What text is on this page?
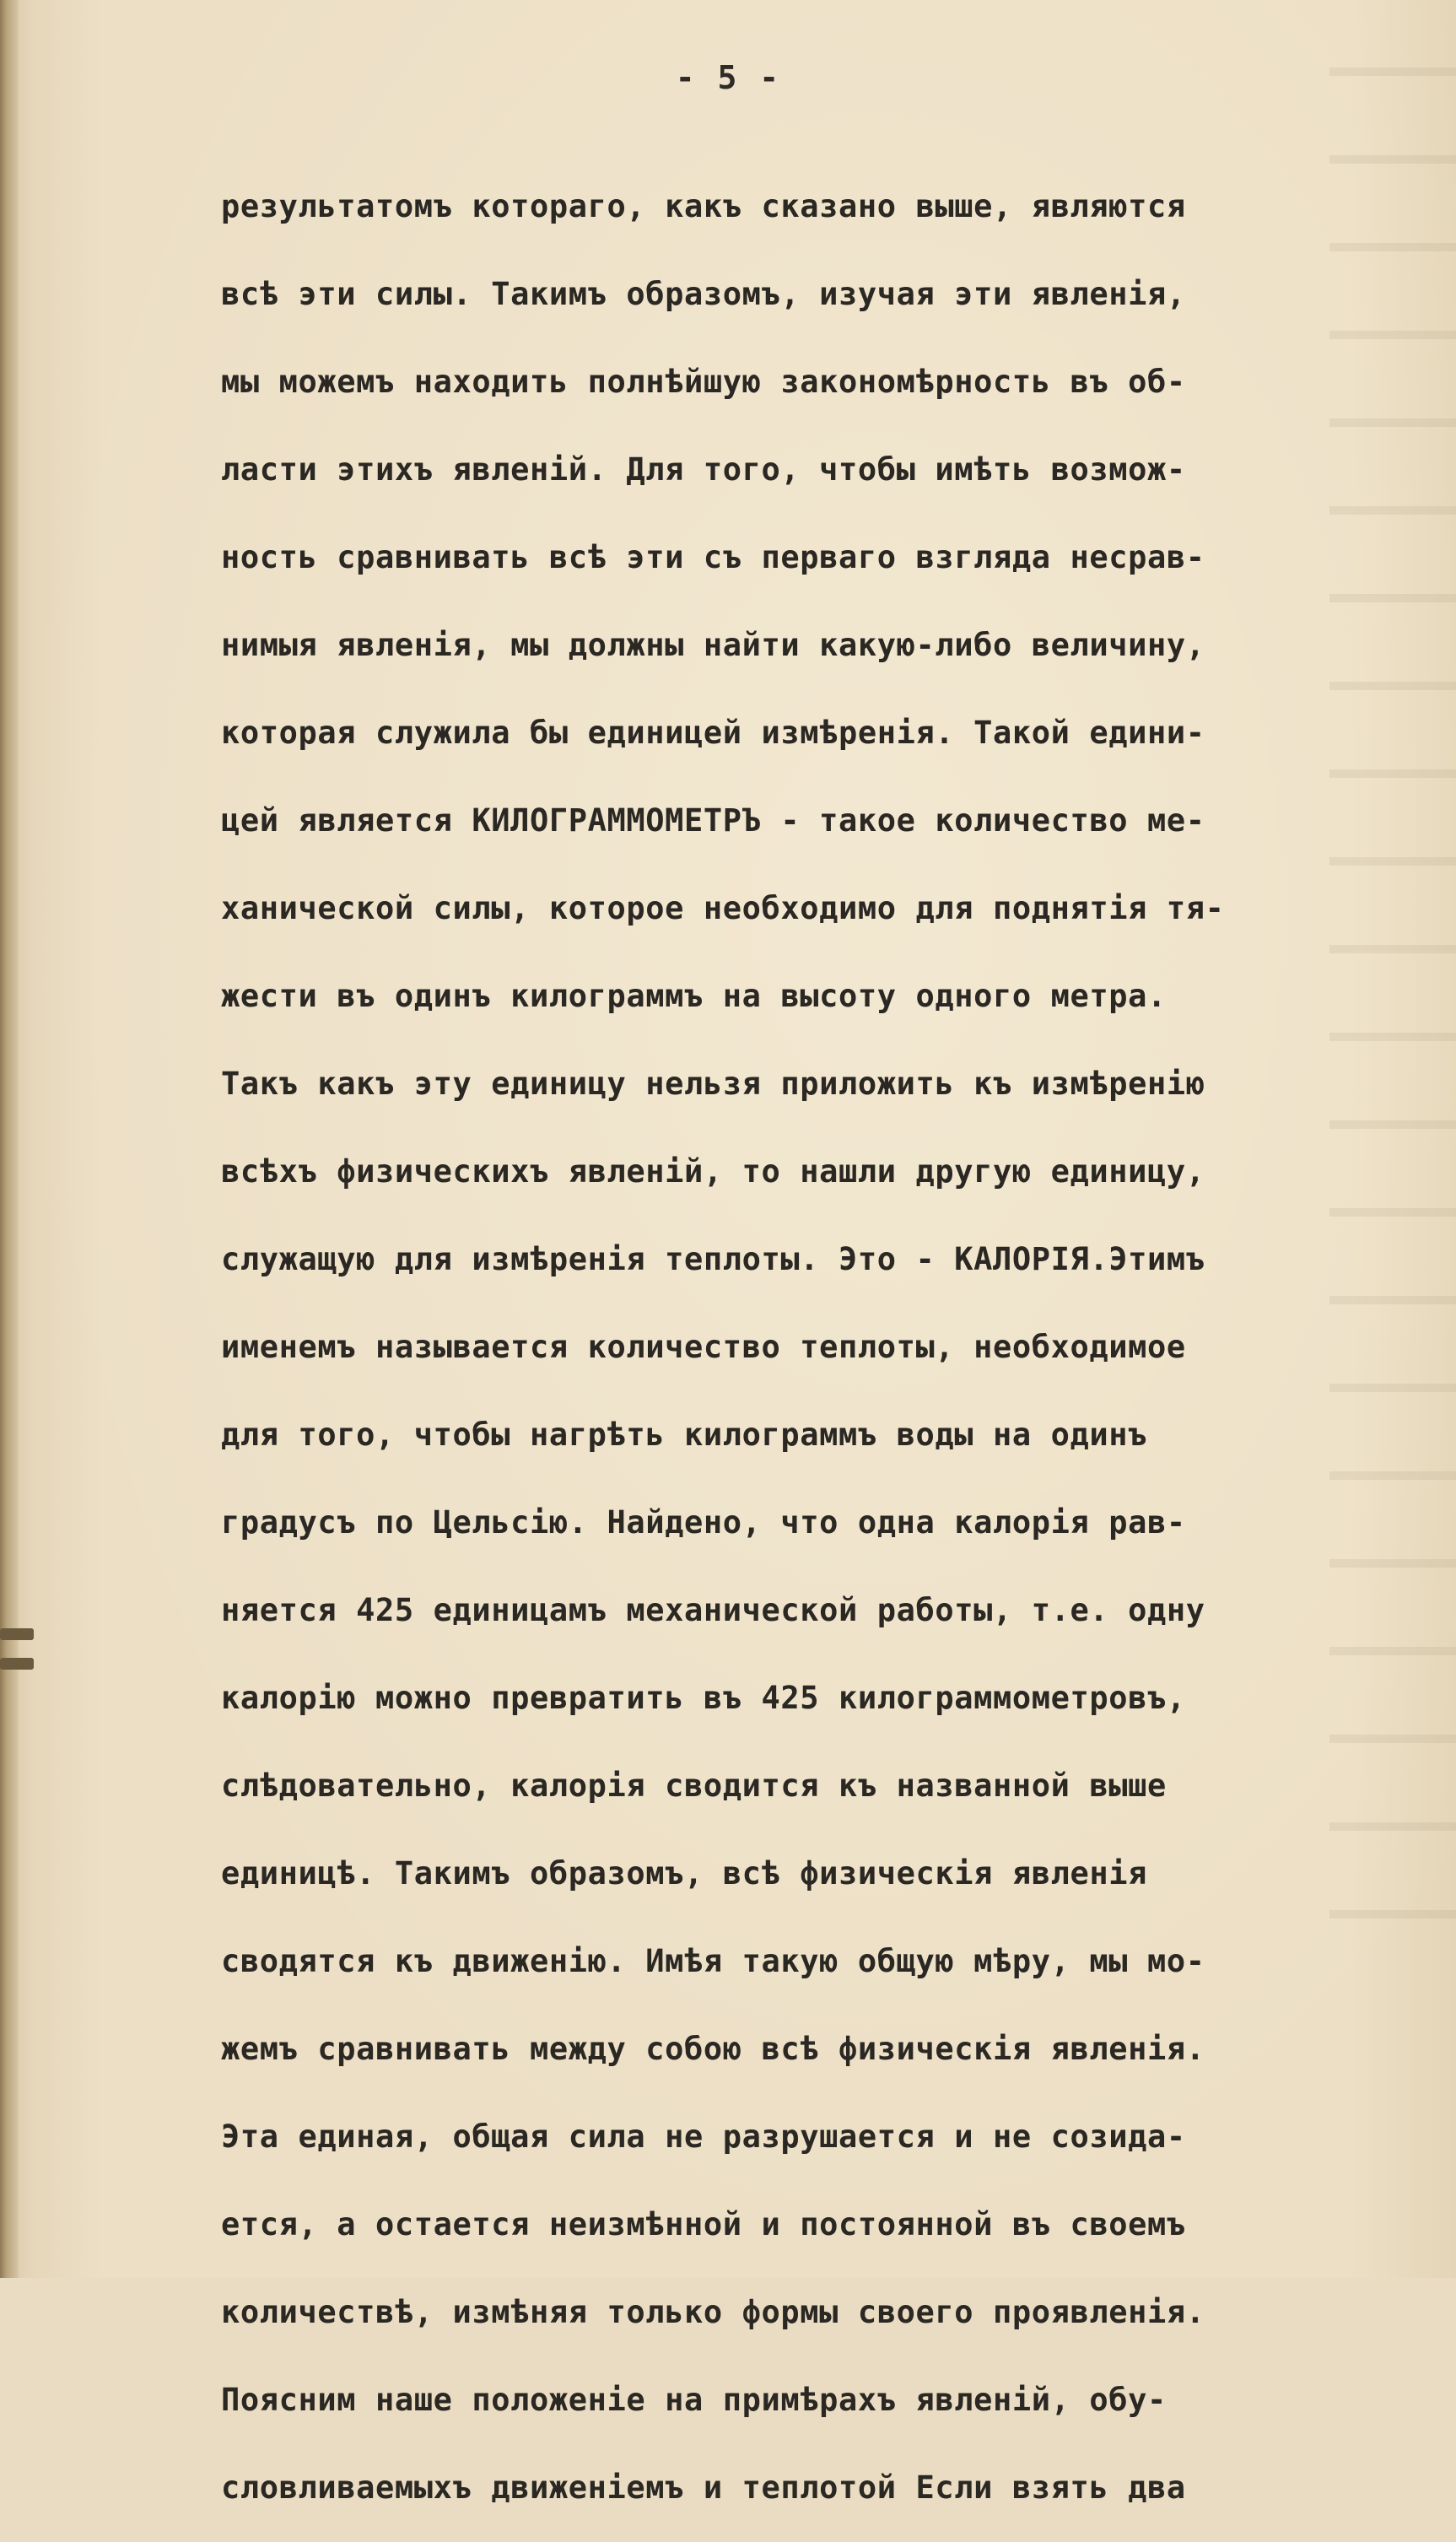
- 5 -
результатомъ котораго, какъ сказано выше, являются
всѣ эти силы. Такимъ образомъ, изучая эти явленія,
мы можемъ находить полнѣйшую закономѣрность въ об-
ласти этихъ явленій. Для того, чтобы имѣть возмож-
ность сравнивать всѣ эти съ перваго взгляда несрав-
нимыя явленія, мы должны найти какую-либо величину,
которая служила бы единицей измѣренія. Такой едини-
цей является КИЛОГРАММОМЕТРЪ - такое количество ме-
ханической силы, которое необходимо для поднятія тя-
жести въ одинъ килограммъ на высоту одного метра.
Такъ какъ эту единицу нельзя приложить къ измѣренію
всѣхъ физическихъ явленій, то нашли другую единицу,
служащую для измѣренія теплоты. Это - КАЛОРІЯ.Этимъ
именемъ называется количество теплоты, необходимое
для того, чтобы нагрѣть килограммъ воды на одинъ
градусъ по Цельсію. Найдено, что одна калорія рав-
няется 425 единицамъ механической работы, т.е. одну
калорію можно превратить въ 425 килограммометровъ,
слѣдовательно, калорія сводится къ названной выше
единицѣ. Такимъ образомъ, всѣ физическія явленія
сводятся къ движенію. Имѣя такую общую мѣру, мы мо-
жемъ сравнивать между собою всѣ физическія явленія.
Эта единая, общая сила не разрушается и не созида-
ется, а остается неизмѣнной и постоянной въ своемъ
количествѣ, измѣняя только формы своего проявленія.
Поясним наше положеніе на примѣрахъ явленій, обу-
словливаемыхъ движеніемъ и теплотой Если взять два
